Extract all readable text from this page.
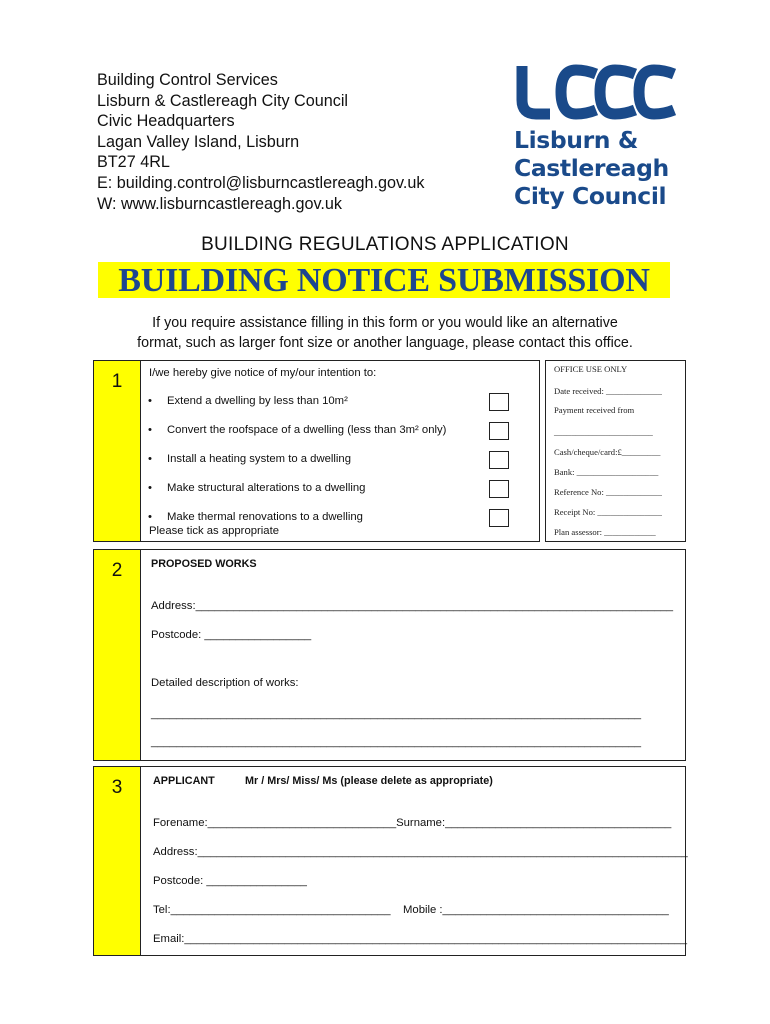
Building Control Services
Lisburn & Castlereagh City Council
Civic Headquarters
Lagan Valley Island, Lisburn
BT27 4RL
E: building.control@lisburncastlereagh.gov.uk
W: www.lisburncastlereagh.gov.uk
Lisburn &
Castlereagh
City Council
BUILDING REGULATIONS APPLICATION
BUILDING NOTICE SUBMISSION
If you require assistance filling in this form or you would like an alternative
format, such as larger font size or another language, please contact this office.
1	I/we hereby give notice of my/our intention to:
• Extend a dwelling by less than 10m²
• Convert the roofspace of a dwelling (less than 3m² only)
• Install a heating system to a dwelling
• Make structural alterations to a dwelling
• Make thermal renovations to a dwelling
Please tick as appropriate
OFFICE USE ONLY
Date received: _____________
Payment received from
_______________________
Cash/cheque/card:£_________
Bank: ___________________
Reference No: _____________
Receipt No: _______________
Plan assessor: ____________
2	PROPOSED WORKS
Address:____________________________________________________________________________
Postcode: _________________
Detailed description of works:
______________________________________________________________________________
______________________________________________________________________________
3	APPLICANT	Mr / Mrs/ Miss/ Ms (please delete as appropriate)
Forename:______________________________Surname:____________________________________
Address:______________________________________________________________________________
Postcode: ________________
Tel:___________________________________ Mobile :____________________________________
Email:________________________________________________________________________________
